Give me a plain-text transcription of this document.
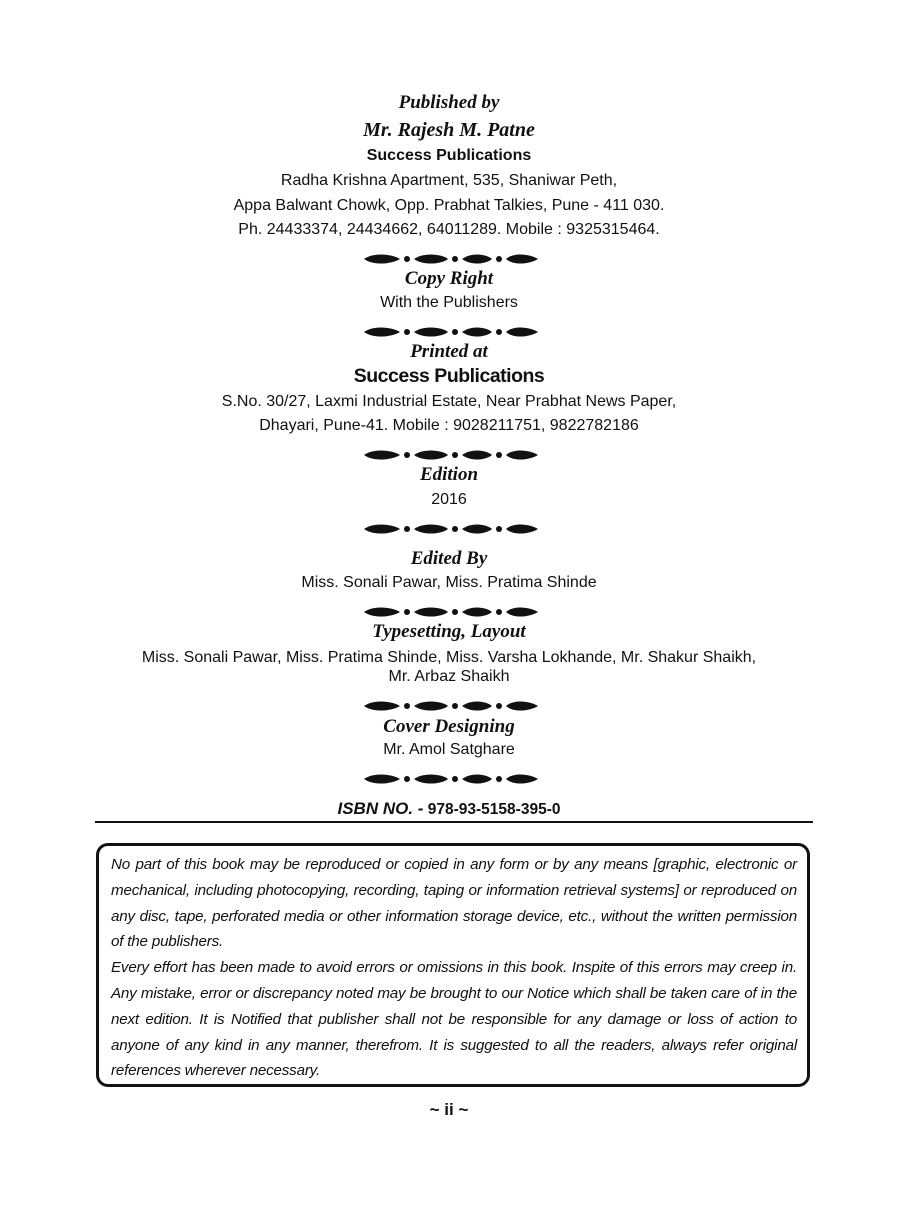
Published by
Mr. Rajesh M. Patne
Success Publications
Radha Krishna Apartment, 535, Shaniwar Peth,
Appa Balwant Chowk, Opp. Prabhat Talkies, Pune - 411 030.
Ph. 24433374, 24434662, 64011289. Mobile : 9325315464.
Copy Right
With the Publishers
Printed at
Success Publications
S.No. 30/27, Laxmi Industrial Estate, Near Prabhat News Paper,
Dhayari, Pune-41. Mobile : 9028211751, 9822782186
Edition
2016
Edited By
Miss. Sonali Pawar, Miss. Pratima Shinde
Typesetting, Layout
Miss. Sonali Pawar, Miss. Pratima Shinde, Miss. Varsha Lokhande, Mr. Shakur Shaikh,
Mr. Arbaz Shaikh
Cover Designing
Mr. Amol Satghare
ISBN NO. - 978-93-5158-395-0

No part of this book may be reproduced or copied in any form or by any means [graphic, electronic or mechanical, including photocopying, recording, taping or information retrieval systems] or reproduced on any disc, tape, perforated media or other information storage device, etc., without the written permission of the publishers.

Every effort has been made to avoid errors or omissions in this book. Inspite of this errors may creep in. Any mistake, error or discrepancy noted may be brought to our Notice which shall be taken care of in the next edition. It is Notified that publisher shall not be responsible for any damage or loss of action to anyone of any kind in any manner, therefrom. It is suggested to all the readers, always refer original references wherever necessary.

~ ii ~
